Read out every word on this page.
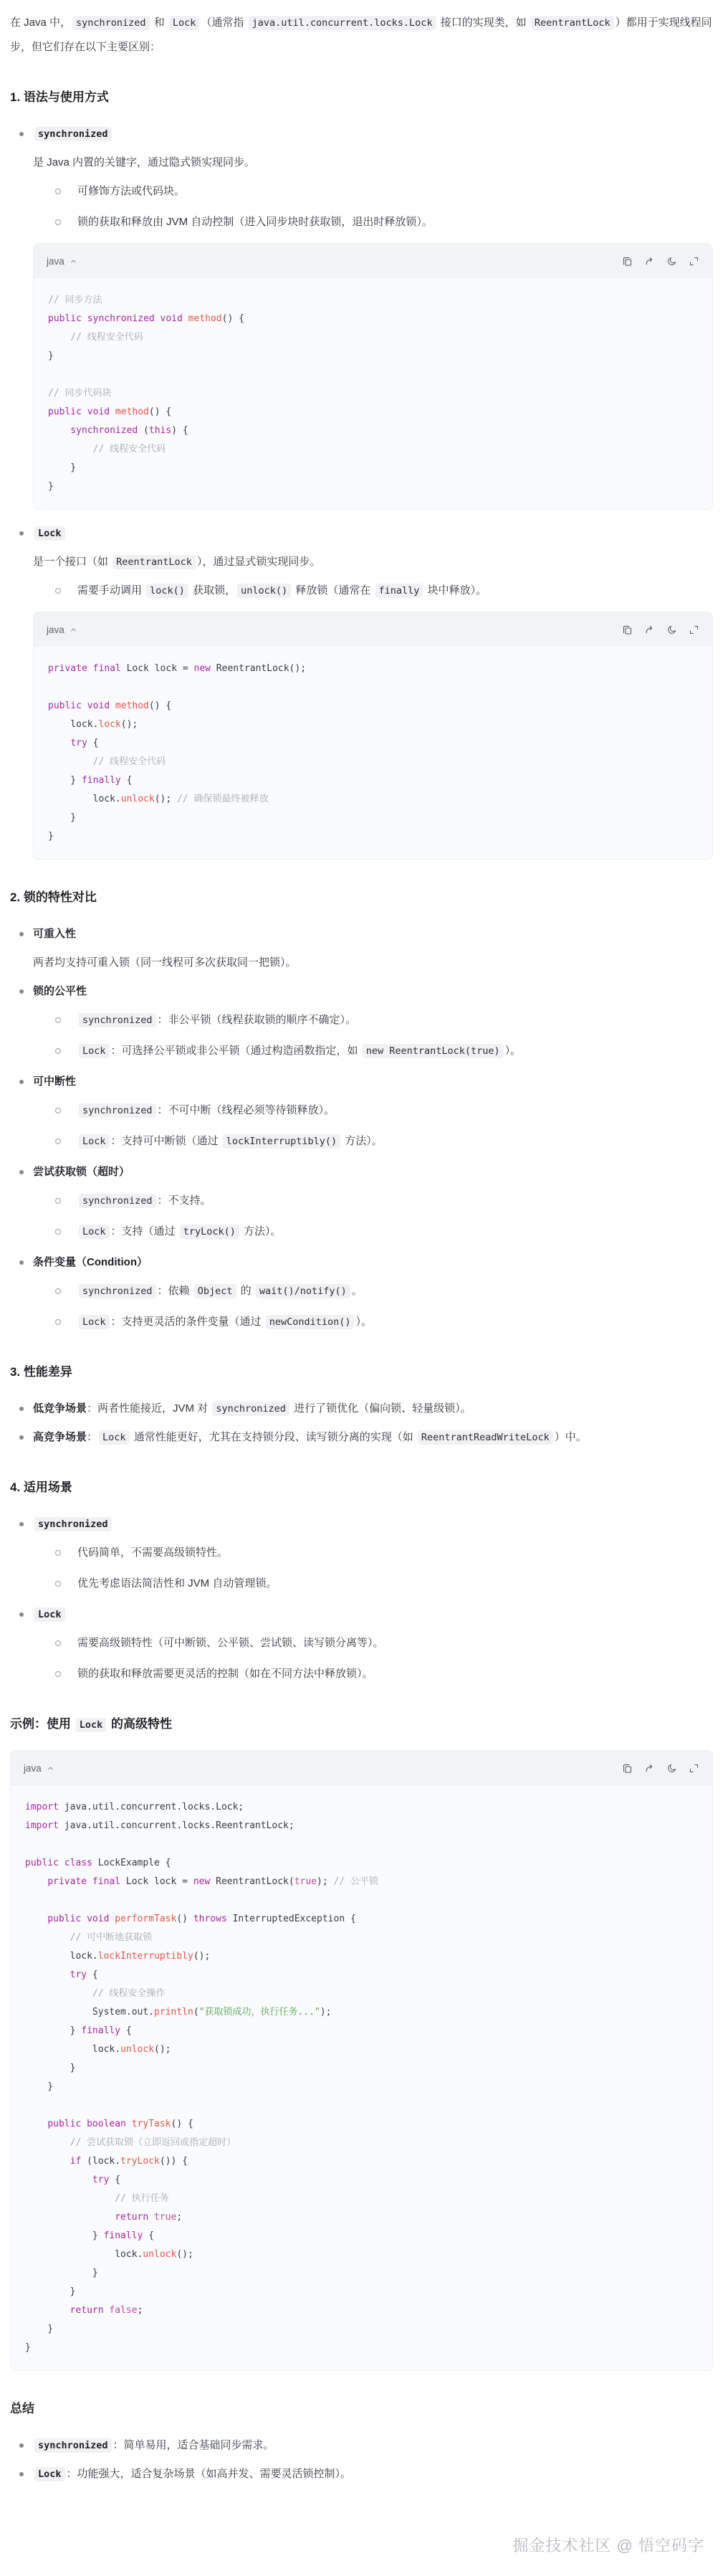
在 Java 中， synchronized 和 Lock （通常指 java.util.concurrent.locks.Lock 接口的实现类，如 ReentrantLock ）都用于实现线程同步，但它们存在以下主要区别：
1. 语法与使用方式
synchronized
是 Java 内置的关键字，通过隐式锁实现同步。
可修饰方法或代码块。
锁的获取和释放由 JVM 自动控制（进入同步块时获取锁，退出时释放锁）。
java
// 同步方法
public synchronized void method() {
// 线程安全代码
}
// 同步代码块
public void method() {
synchronized (this) {
// 线程安全代码
}
}
Lock
是一个接口（如 ReentrantLock ），通过显式锁实现同步。
需要手动调用 lock() 获取锁， unlock() 释放锁（通常在 finally 块中释放）。
java
private final Lock lock = new ReentrantLock();
public void method() {
lock.lock();
try {
// 线程安全代码
} finally {
lock.unlock(); // 确保锁最终被释放
}
}
2. 锁的特性对比
可重入性
两者均支持可重入锁（同一线程可多次获取同一把锁）。
锁的公平性
synchronized ：非公平锁（线程获取锁的顺序不确定）。
Lock ：可选择公平锁或非公平锁（通过构造函数指定，如 new ReentrantLock(true) ）。
可中断性
synchronized ：不可中断（线程必须等待锁释放）。
Lock ：支持可中断锁（通过 lockInterruptibly() 方法）。
尝试获取锁（超时）
synchronized ：不支持。
Lock ：支持（通过 tryLock() 方法）。
条件变量（Condition）
synchronized ：依赖 Object 的 wait()/notify() 。
Lock ：支持更灵活的条件变量（通过 newCondition() ）。
3. 性能差异
低竞争场景：两者性能接近，JVM 对 synchronized 进行了锁优化（偏向锁、轻量级锁）。
高竞争场景： Lock 通常性能更好，尤其在支持锁分段、读写锁分离的实现（如 ReentrantReadWriteLock ）中。
4. 适用场景
synchronized
代码简单，不需要高级锁特性。
优先考虑语法简洁性和 JVM 自动管理锁。
Lock
需要高级锁特性（可中断锁、公平锁、尝试锁、读写锁分离等）。
锁的获取和释放需要更灵活的控制（如在不同方法中释放锁）。
示例：使用 Lock 的高级特性
java
import java.util.concurrent.locks.Lock;
import java.util.concurrent.locks.ReentrantLock;
public class LockExample {
private final Lock lock = new ReentrantLock(true); // 公平锁
public void performTask() throws InterruptedException {
// 可中断地获取锁
lock.lockInterruptibly();
try {
// 线程安全操作
System.out.println("获取锁成功，执行任务...");
} finally {
lock.unlock();
}
}
public boolean tryTask() {
// 尝试获取锁（立即返回或指定超时）
if (lock.tryLock()) {
try {
// 执行任务
return true;
} finally {
lock.unlock();
}
}
return false;
}
}
总结
synchronized ：简单易用，适合基础同步需求。
Lock ：功能强大，适合复杂场景（如高并发、需要灵活锁控制）。
掘金技术社区 @ 悟空码字
